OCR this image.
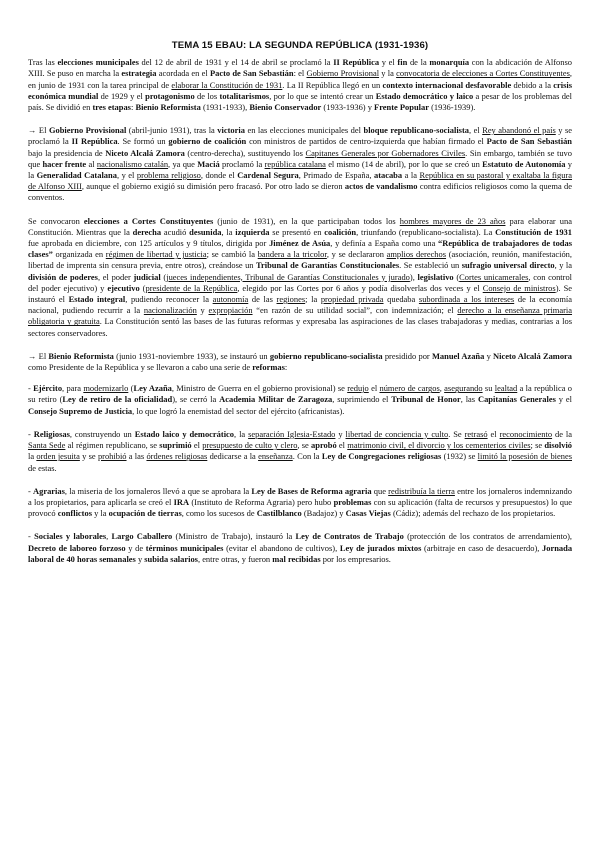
TEMA 15 EBAU: LA SEGUNDA REPÚBLICA (1931-1936)

Tras las elecciones municipales del 12 de abril de 1931 y el 14 de abril se proclamó la II República y el fin de la monarquía con la abdicación de Alfonso XIII. Se puso en marcha la estrategia acordada en el Pacto de San Sebastián: el Gobierno Provisional y la convocatoria de elecciones a Cortes Constituyentes, en junio de 1931 con la tarea principal de elaborar la Constitución de 1931. La II República llegó en un contexto internacional desfavorable debido a la crisis económica mundial de 1929 y el protagonismo de los totalitarismos, por lo que se intentó crear un Estado democrático y laico a pesar de los problemas del país. Se dividió en tres etapas: Bienio Reformista (1931-1933), Bienio Conservador (1933-1936) y Frente Popular (1936-1939).

→ El Gobierno Provisional (abril-junio 1931), tras la victoria en las elecciones municipales del bloque republicano-socialista, el Rey abandonó el país y se proclamó la II República. Se formó un gobierno de coalición con ministros de partidos de centro-izquierda que habían firmado el Pacto de San Sebastián bajo la presidencia de Niceto Alcalá Zamora (centro-derecha), sustituyendo los Capitanes Generales por Gobernadores Civiles. Sin embargo, también se tuvo que hacer frente al nacionalismo catalán, ya que Maciá proclamó la república catalana el mismo (14 de abril), por lo que se creó un Estatuto de Autonomía y la Generalidad Catalana, y el problema religioso, donde el Cardenal Segura, Primado de España, atacaba a la República en su pastoral y exaltaba la figura de Alfonso XIII, aunque el gobierno exigió su dimisión pero fracasó. Por otro lado se dieron actos de vandalismo contra edificios religiosos como la quema de conventos.

Se convocaron elecciones a Cortes Constituyentes (junio de 1931), en la que participaban todos los hombres mayores de 23 años para elaborar una Constitución. Mientras que la derecha acudió desunida, la izquierda se presentó en coalición, triunfando (republicano-socialista). La Constitución de 1931 fue aprobada en diciembre, con 125 artículos y 9 títulos, dirigida por Jiménez de Asúa, y definía a España como una “República de trabajadores de todas clases” organizada en régimen de libertad y justicia; se cambió la bandera a la tricolor, y se declararon amplios derechos (asociación, reunión, manifestación, libertad de imprenta sin censura previa, entre otros), creándose un Tribunal de Garantías Constitucionales. Se estableció un sufragio universal directo, y la división de poderes, el poder judicial (jueces independientes, Tribunal de Garantías Constitucionales y jurado), legislativo (Cortes unicamerales, con control del poder ejecutivo) y ejecutivo (presidente de la República, elegido por las Cortes por 6 años y podía disolverlas dos veces y el Consejo de ministros). Se instauró el Estado integral, pudiendo reconocer la autonomía de las regiones; la propiedad privada quedaba subordinada a los intereses de la economía nacional, pudiendo recurrir a la nacionalización y expropiación “en razón de su utilidad social”, con indemnización; el derecho a la enseñanza primaria obligatoria y gratuita. La Constitución sentó las bases de las futuras reformas y expresaba las aspiraciones de las clases trabajadoras y medias, contrarias a los sectores conservadores.

→ El Bienio Reformista (junio 1931-noviembre 1933), se instauró un gobierno republicano-socialista presidido por Manuel Azaña y Niceto Alcalá Zamora como Presidente de la República y se llevaron a cabo una serie de reformas:

- Ejército, para modernizarlo (Ley Azaña, Ministro de Guerra en el gobierno provisional) se redujo el número de cargos, asegurando su lealtad a la república o su retiro (Ley de retiro de la oficialidad), se cerró la Academia Militar de Zaragoza, suprimiendo el Tribunal de Honor, las Capitanías Generales y el Consejo Supremo de Justicia, lo que logró la enemistad del sector del ejército (africanistas).

- Religiosas, construyendo un Estado laico y democrático, la separación Iglesia-Estado y libertad de conciencia y culto. Se retrasó el reconocimiento de la Santa Sede al régimen republicano, se suprimió el presupuesto de culto y clero, se aprobó el matrimonio civil, el divorcio y los cementerios civiles; se disolvió la orden jesuita y se prohibió a las órdenes religiosas dedicarse a la enseñanza. Con la Ley de Congregaciones religiosas (1932) se limitó la posesión de bienes de estas.

- Agrarias, la miseria de los jornaleros llevó a que se aprobara la Ley de Bases de Reforma agraria que redistribuía la tierra entre los jornaleros indemnizando a los propietarios, para aplicarla se creó el IRA (Instituto de Reforma Agraria) pero hubo problemas con su aplicación (falta de recursos y presupuestos) lo que provocó conflictos y la ocupación de tierras, como los sucesos de Castilblanco (Badajoz) y Casas Viejas (Cádiz); además del rechazo de los propietarios.

- Sociales y laborales, Largo Caballero (Ministro de Trabajo), instauró la Ley de Contratos de Trabajo (protección de los contratos de arrendamiento), Decreto de laboreo forzoso y de términos municipales (evitar el abandono de cultivos), Ley de jurados mixtos (arbitraje en caso de desacuerdo), Jornada laboral de 40 horas semanales y subida salarios, entre otras, y fueron mal recibidas por los empresarios.
